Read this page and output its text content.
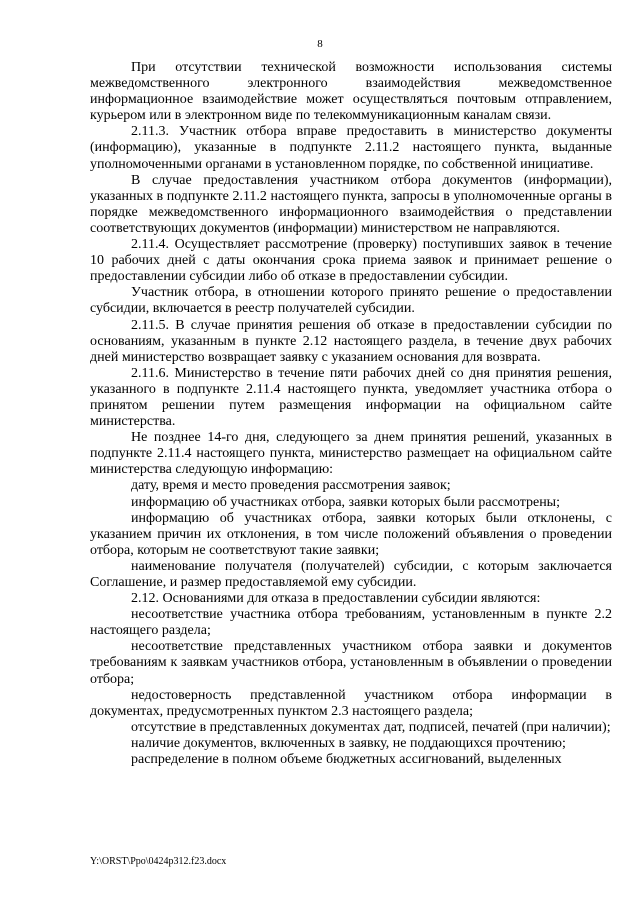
8

При отсутствии технической возможности использования системы межведомственного электронного взаимодействия межведомственное информационное взаимодействие может осуществляться почтовым отправлением, курьером или в электронном виде по телекоммуникационным каналам связи.

2.11.3. Участник отбора вправе предоставить в министерство документы (информацию), указанные в подпункте 2.11.2 настоящего пункта, выданные уполномоченными органами в установленном порядке, по собственной инициативе.

В случае предоставления участником отбора документов (информации), указанных в подпункте 2.11.2 настоящего пункта, запросы в уполномоченные органы в порядке межведомственного информационного взаимодействия о представлении соответствующих документов (информации) министерством не направляются.

2.11.4. Осуществляет рассмотрение (проверку) поступивших заявок в течение 10 рабочих дней с даты окончания срока приема заявок и принимает решение о предоставлении субсидии либо об отказе в предоставлении субсидии.

Участник отбора, в отношении которого принято решение о предоставлении субсидии, включается в реестр получателей субсидии.

2.11.5. В случае принятия решения об отказе в предоставлении субсидии по основаниям, указанным в пункте 2.12 настоящего раздела, в течение двух рабочих дней министерство возвращает заявку с указанием основания для возврата.

2.11.6. Министерство в течение пяти рабочих дней со дня принятия решения, указанного в подпункте 2.11.4 настоящего пункта, уведомляет участника отбора о принятом решении путем размещения информации на официальном сайте министерства.

Не позднее 14-го дня, следующего за днем принятия решений, указанных в подпункте 2.11.4 настоящего пункта, министерство размещает на официальном сайте министерства следующую информацию:

дату, время и место проведения рассмотрения заявок;

информацию об участниках отбора, заявки которых были рассмотрены;

информацию об участниках отбора, заявки которых были отклонены, с указанием причин их отклонения, в том числе положений объявления о проведении отбора, которым не соответствуют такие заявки;

наименование получателя (получателей) субсидии, с которым заключается Соглашение, и размер предоставляемой ему субсидии.

2.12. Основаниями для отказа в предоставлении субсидии являются:

несоответствие участника отбора требованиям, установленным в пункте 2.2 настоящего раздела;

несоответствие представленных участником отбора заявки и документов требованиям к заявкам участников отбора, установленным в объявлении о проведении отбора;

недостоверность представленной участником отбора информации в документах, предусмотренных пунктом 2.3 настоящего раздела;

отсутствие в представленных документах дат, подписей, печатей (при наличии);

наличие документов, включенных в заявку, не поддающихся прочтению;

распределение в полном объеме бюджетных ассигнований, выделенных

Y:\ORST\Ppo\0424p312.f23.docx
